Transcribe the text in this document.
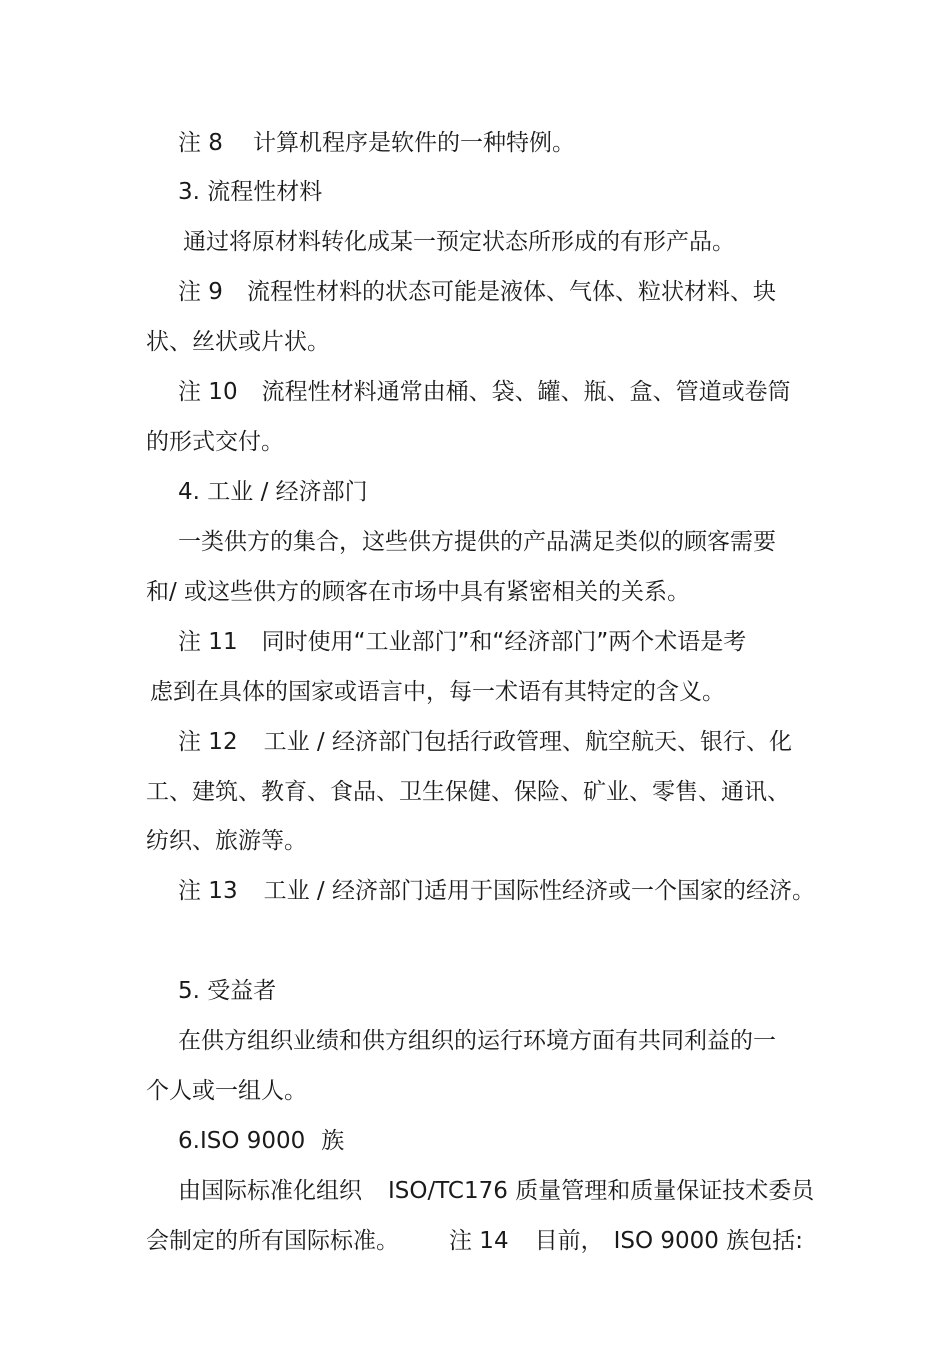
注 8 计算机程序是软件的一种特例。

3. 流程性材料

通过将原材料转化成某一预定状态所形成的有形产品。

注 9 流程性材料的状态可能是液体、气体、粒状材料、块

状、丝状或片状。

注 10 流程性材料通常由桶、袋、罐、瓶、盒、管道或卷筒

的形式交付。

4. 工业 / 经济部门

一类供方的集合，这些供方提供的产品满足类似的顾客需要

和/ 或这些供方的顾客在市场中具有紧密相关的关系。

注 11 同时使用“工业部门”和“经济部门”两个术语是考

虑到在具体的国家或语言中，每一术语有其特定的含义。

注 12 工业 / 经济部门包括行政管理、航空航天、银行、化

工、建筑、教育、食品、卫生保健、保险、矿业、零售、通讯、

纺织、旅游等。

注 13 工业 / 经济部门适用于国际性经济或一个国家的经济。

5. 受益者

在供方组织业绩和供方组织的运行环境方面有共同利益的一

个人或一组人。

6.ISO 9000 族

由国际标准化组织 ISO/TC176 质量管理和质量保证技术委员

会制定的所有国际标准。 注 14 目前， ISO 9000 族包括:
